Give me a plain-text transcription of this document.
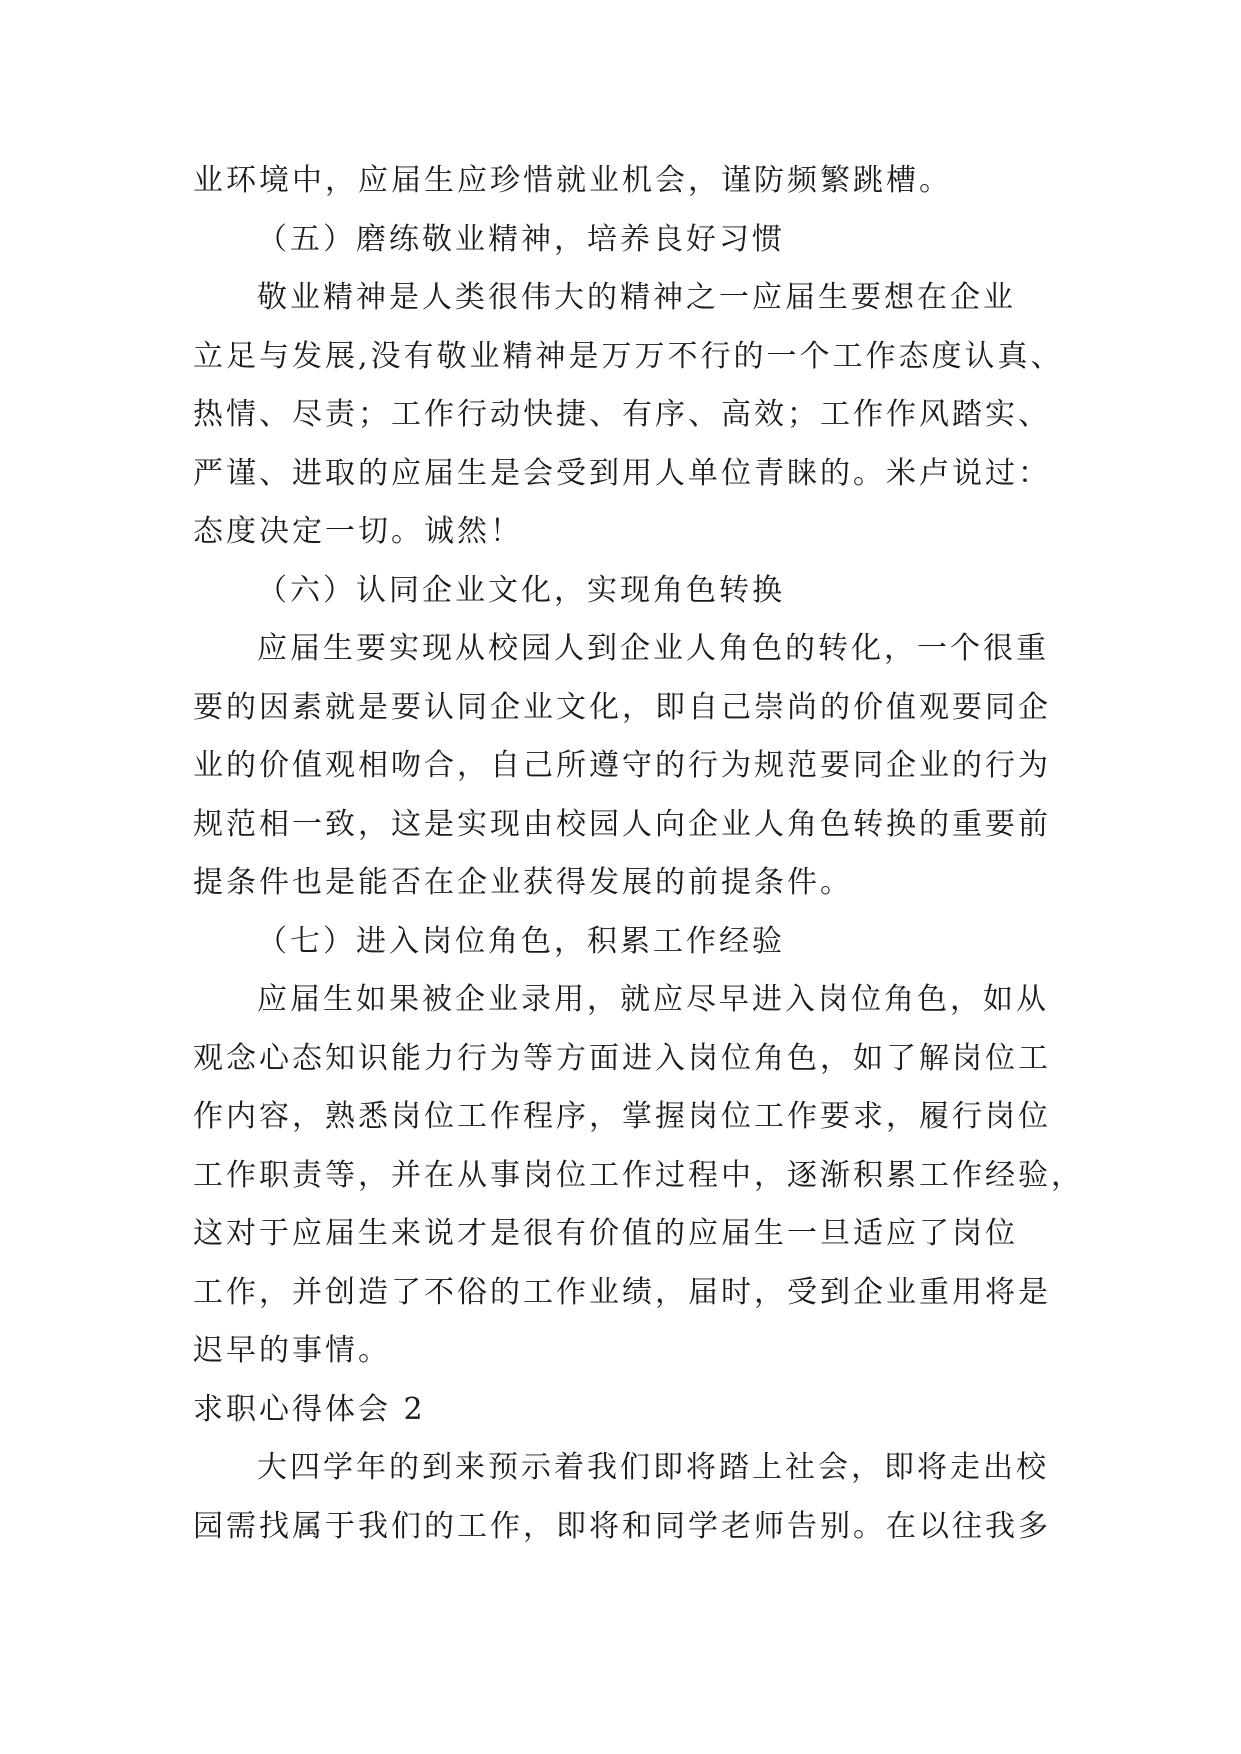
业环境中，应届生应珍惜就业机会，谨防频繁跳槽。
（五）磨练敬业精神，培养良好习惯
敬业精神是人类很伟大的精神之一应届生要想在企业
立足与发展,没有敬业精神是万万不行的一个工作态度认真、
热情、尽责；工作行动快捷、有序、高效；工作作风踏实、
严谨、进取的应届生是会受到用人单位青睐的。米卢说过：
态度决定一切。诚然！
（六）认同企业文化，实现角色转换
应届生要实现从校园人到企业人角色的转化，一个很重
要的因素就是要认同企业文化，即自己崇尚的价值观要同企
业的价值观相吻合，自己所遵守的行为规范要同企业的行为
规范相一致，这是实现由校园人向企业人角色转换的重要前
提条件也是能否在企业获得发展的前提条件。
（七）进入岗位角色，积累工作经验
应届生如果被企业录用，就应尽早进入岗位角色，如从
观念心态知识能力行为等方面进入岗位角色，如了解岗位工
作内容，熟悉岗位工作程序，掌握岗位工作要求，履行岗位
工作职责等，并在从事岗位工作过程中，逐渐积累工作经验，
这对于应届生来说才是很有价值的应届生一旦适应了岗位
工作，并创造了不俗的工作业绩，届时，受到企业重用将是
迟早的事情。
求职心得体会 2
大四学年的到来预示着我们即将踏上社会，即将走出校
园需找属于我们的工作，即将和同学老师告别。在以往我多
